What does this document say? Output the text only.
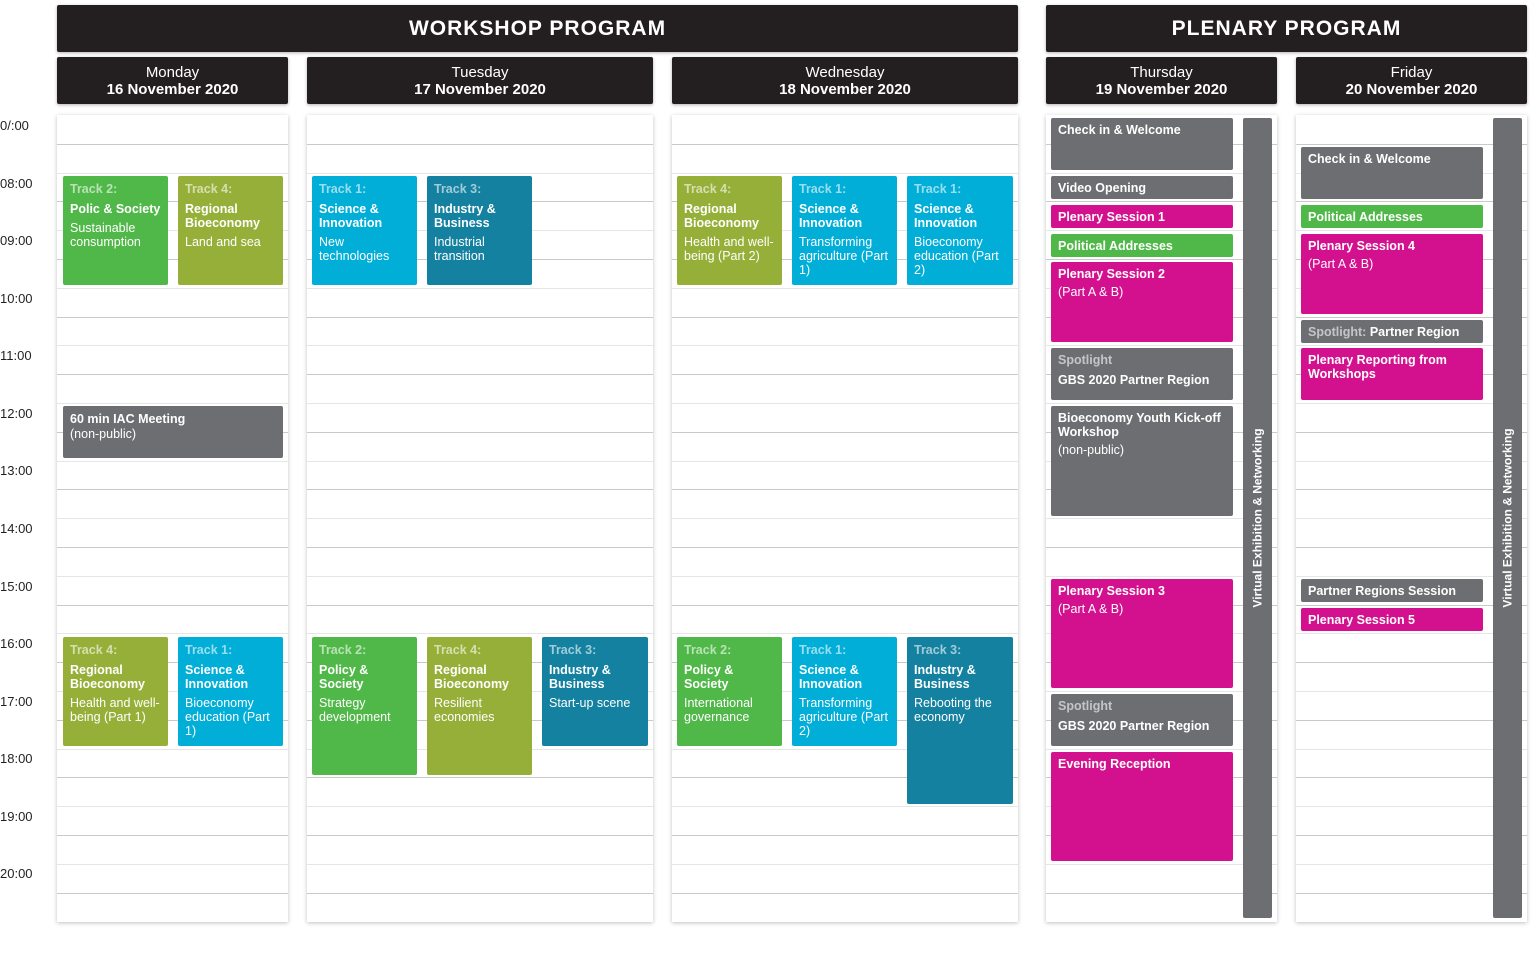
WORKSHOP PROGRAM	PLENARY PROGRAM
Monday
16 November 2020
Tuesday
17 November 2020
Wednesday
18 November 2020
Thursday
19 November 2020
Friday
20 November 2020
0/:00
08:00
09:00
10:00
11:00
12:00
13:00
14:00
15:00
16:00
17:00
18:00
19:00
20:00
Track 2:
Polic & Society
Sustainable consumption
Track 4:
Regional Bioeconomy
Land and sea
60 min IAC Meeting
(non-public)
Track 4:
Regional Bioeconomy
Health and well-being (Part 1)
Track 1:
Science & Innovation
Bioeconomy education (Part 1)
Track 1:
Science & Innovation
New technologies
Track 3:
Industry & Business
Industrial transition
Track 2:
Policy & Society
Strategy development
Track 4:
Regional Bioeconomy
Resilient economies
Track 3:
Industry & Business
Start-up scene
Track 4:
Regional Bioeconomy
Health and well-being (Part 2)
Track 1:
Science & Innovation
Transforming agriculture (Part 1)
Track 1:
Science & Innovation
Bioeconomy education (Part 2)
Track 2:
Policy & Society
International governance
Track 1:
Science & Innovation
Transforming agriculture (Part 2)
Track 3:
Industry & Business
Rebooting the economy
Check in & Welcome
Video Opening
Plenary Session 1
Political Addresses
Plenary Session 2
(Part A & B)
Spotlight
GBS 2020 Partner Region
Bioeconomy Youth Kick-off Workshop
(non-public)
Plenary Session 3
(Part A & B)
Spotlight
GBS 2020 Partner Region
Evening Reception
Virtual Exhibition & Networking
Check in & Welcome
Political Addresses
Plenary Session 4
(Part A & B)
Spotlight: Partner Region
Plenary Reporting from Workshops
Partner Regions Session
Plenary Session 5
Virtual Exhibition & Networking
